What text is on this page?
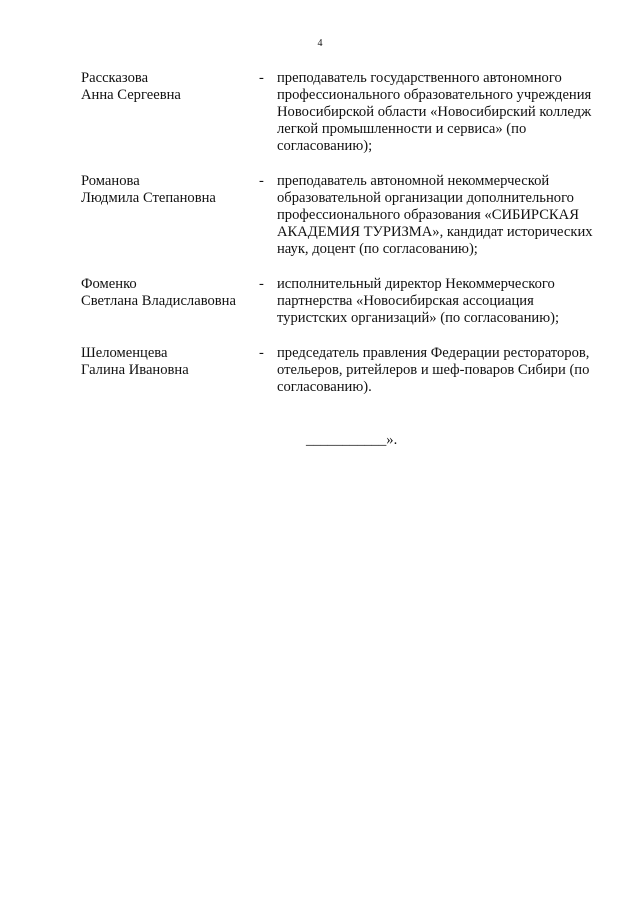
4
Рассказова
Анна Сергеевна
- преподаватель государственного автономного
профессионального образовательного учреждения
Новосибирской области «Новосибирский колледж
легкой промышленности и сервиса» (по
согласованию);
Романова
Людмила Степановна
- преподаватель автономной некоммерческой
образовательной организации дополнительного
профессионального образования «СИБИРСКАЯ
АКАДЕМИЯ ТУРИЗМА», кандидат исторических
наук, доцент (по согласованию);
Фоменко
Светлана Владиславовна
- исполнительный директор Некоммерческого
партнерства «Новосибирская ассоциация
туристских организаций» (по согласованию);
Шеломенцева
Галина Ивановна
- председатель правления Федерации рестораторов,
отельеров, ритейлеров и шеф-поваров Сибири (по
согласованию).
___________».
